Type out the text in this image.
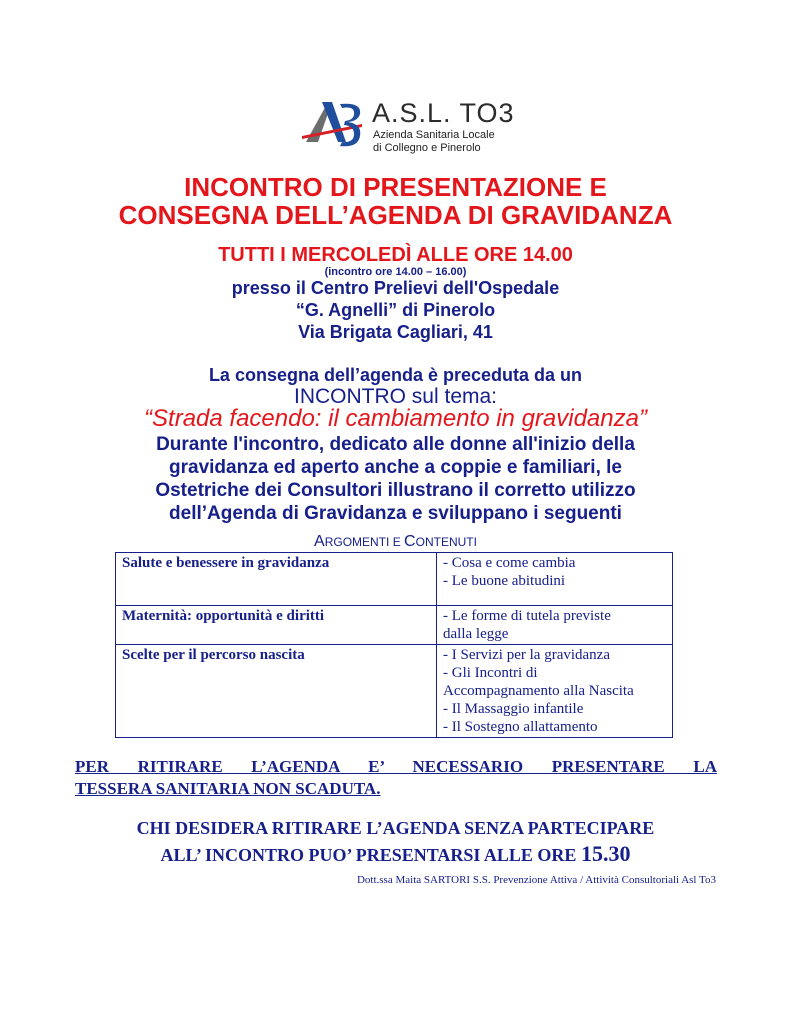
A.S.L. TO3
Azienda Sanitaria Locale
di Collegno e Pinerolo
INCONTRO DI PRESENTAZIONE E
CONSEGNA DELL’AGENDA DI GRAVIDANZA
TUTTI I MERCOLEDÌ ALLE ORE 14.00
(incontro ore 14.00 – 16.00)
presso il Centro Prelievi dell'Ospedale
“G. Agnelli” di Pinerolo
Via Brigata Cagliari, 41
La consegna dell’agenda è preceduta da un
INCONTRO sul tema:
“Strada facendo: il cambiamento in gravidanza”
Durante l'incontro, dedicato alle donne all'inizio della
gravidanza ed aperto anche a coppie e familiari, le
Ostetriche dei Consultori illustrano il corretto utilizzo
dell’Agenda di Gravidanza e sviluppano i seguenti
ARGOMENTI E CONTENUTI
Salute e benessere in gravidanza	- Cosa e come cambia
- Le buone abitudini

Maternità: opportunità e diritti	- Le forme di tutela previste
dalla legge

Scelte per il percorso nascita	- I Servizi per la gravidanza
- Gli Incontri di
Accompagnamento alla Nascita
- Il Massaggio infantile
- Il Sostegno allattamento
PER RITIRARE L’AGENDA E’ NECESSARIO PRESENTARE LA
TESSERA SANITARIA NON SCADUTA.
CHI DESIDERA RITIRARE L’AGENDA SENZA PARTECIPARE
ALL’ INCONTRO PUO’ PRESENTARSI ALLE ORE 15.30
Dott.ssa Maita SARTORI S.S. Prevenzione Attiva / Attività Consultoriali Asl To3
